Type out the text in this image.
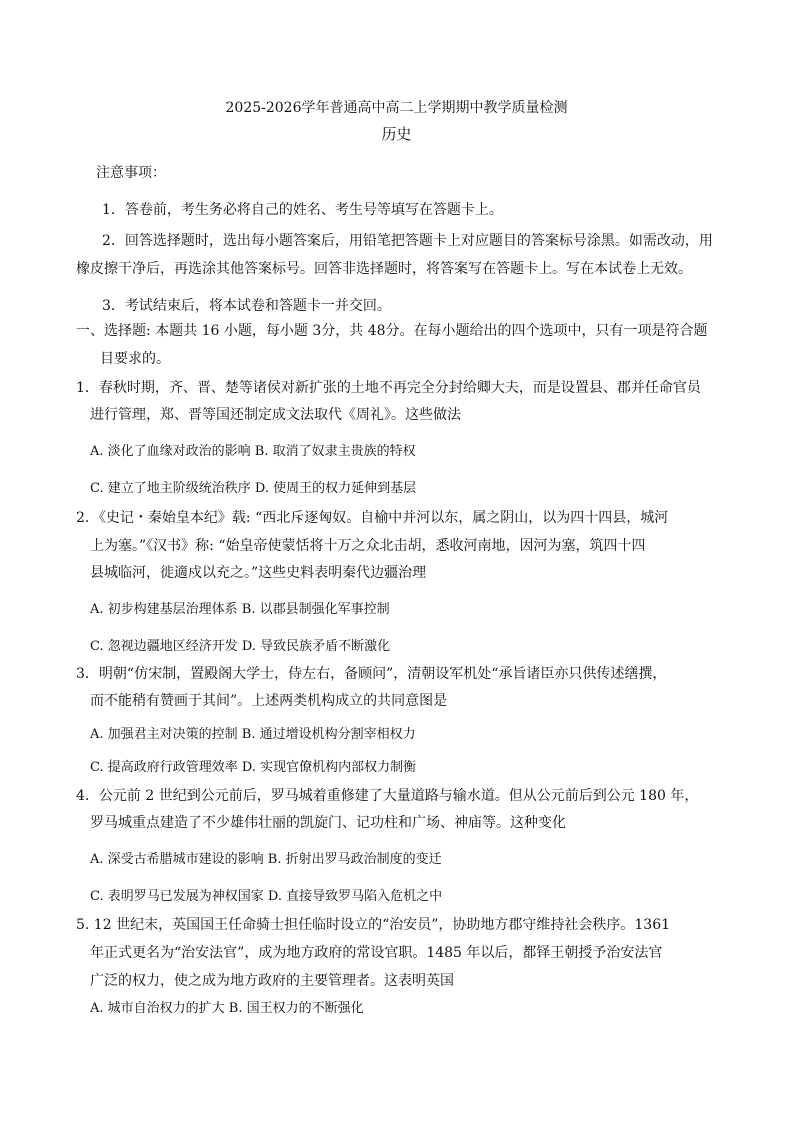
2025-2026学年普通高中高二上学期期中教学质量检测
历史
注意事项：
1．答卷前，考生务必将自己的姓名、考生号等填写在答题卡上。
2．回答选择题时，选出每小题答案后，用铅笔把答题卡上对应题目的答案标号涂黑。如需改动，用
橡皮擦干净后，再选涂其他答案标号。回答非选择题时，将答案写在答题卡上。写在本试卷上无效。
3．考试结束后，将本试卷和答题卡一并交回。
一、选择题: 本题共 16 小题，每小题 3分，共 48分。在每小题给出的四个选项中，只有一项是符合题
目要求的。
1．春秋时期，齐、晋、楚等诸侯对新扩张的土地不再完全分封给卿大夫，而是设置县、郡并任命官员
进行管理，郑、晋等国还制定成文法取代《周礼》。这些做法
A. 淡化了血缘对政治的影响 B. 取消了奴隶主贵族的特权
C. 建立了地主阶级统治秩序 D. 使周王的权力延伸到基层
2．《史记・秦始皇本纪》载: “西北斥逐匈奴。自榆中并河以东，属之阴山，以为四十四县，城河
上为塞。”《汉书》称: “始皇帝使蒙恬将十万之众北击胡，悉收河南地，因河为塞，筑四十四
县城临河，徙適戍以充之。”这些史料表明秦代边疆治理
A. 初步构建基层治理体系 B. 以郡县制强化军事控制
C. 忽视边疆地区经济开发 D. 导致民族矛盾不断激化
3．明朝“仿宋制，置殿阁大学士，侍左右，备顾问”，清朝设军机处“承旨诸臣亦只供传述缮撰，
而不能稍有赞画于其间”。上述两类机构成立的共同意图是
A. 加强君主对决策的控制 B. 通过增设机构分割宰相权力
C. 提高政府行政管理效率 D. 实现官僚机构内部权力制衡
4．公元前 2 世纪到公元前后，罗马城着重修建了大量道路与输水道。但从公元前后到公元 180 年，
罗马城重点建造了不少雄伟壮丽的凯旋门、记功柱和广场、神庙等。这种变化
A. 深受古希腊城市建设的影响 B. 折射出罗马政治制度的变迁
C. 表明罗马已发展为神权国家 D. 直接导致罗马陷入危机之中
5. 12 世纪末，英国国王任命骑士担任临时设立的“治安员”，协助地方郡守维持社会秩序。1361
年正式更名为“治安法官”，成为地方政府的常设官职。1485 年以后，都铎王朝授予治安法官
广泛的权力，使之成为地方政府的主要管理者。这表明英国
A. 城市自治权力的扩大 B. 国王权力的不断强化
